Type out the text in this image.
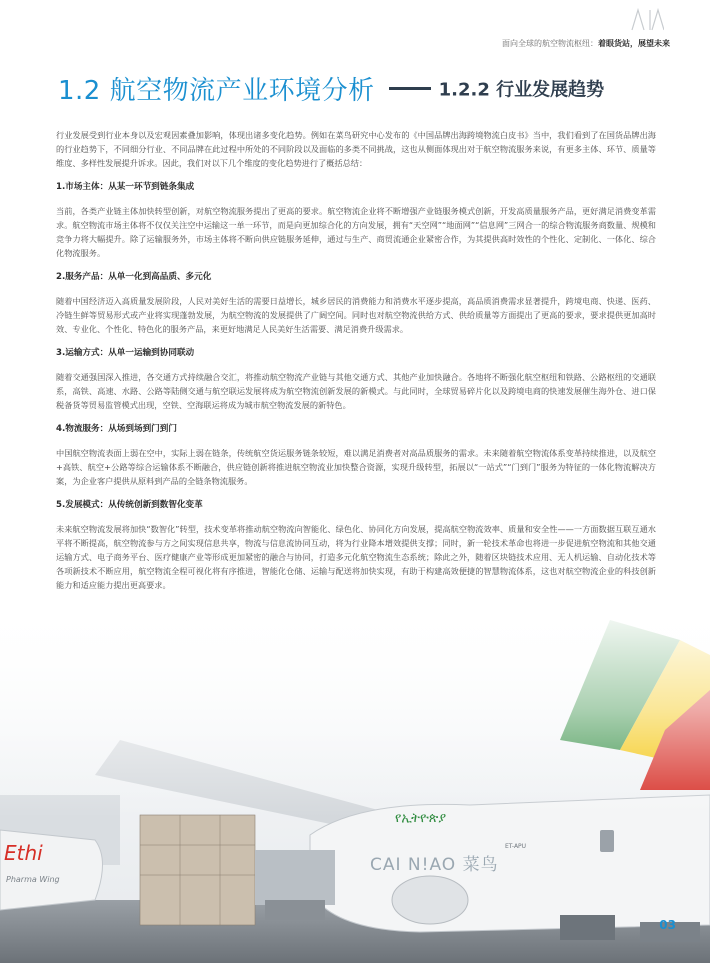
面向全球的航空物流枢纽：着眼货站，展望未来
1.2 航空物流产业环境分析	1.2.2 行业发展趋势

行业发展受到行业本身以及宏观因素叠加影响，体现出诸多变化趋势。例如在菜鸟研究中心发布的《中国品牌出海跨境物流白皮书》当中，我们看到了在国货品牌出海的行业趋势下，不同细分行业、不同品牌在此过程中所处的不同阶段以及面临的多类不同挑战，这也从侧面体现出对于航空物流服务来说，有更多主体、环节、质量等维度、多样性发展提升诉求。因此，我们对以下几个维度的变化趋势进行了概括总结：

1.市场主体：从某一环节到链条集成

当前，各类产业链主体加快转型创新，对航空物流服务提出了更高的要求。航空物流企业将不断增强产业链服务模式创新，开发高质量服务产品，更好满足消费变革需求。航空物流市场主体将不仅仅关注空中运输这一单一环节，而是向更加综合化的方向发展，拥有“天空网”“地面网”“信息网”三网合一的综合物流服务商数量、规模和竞争力将大幅提升。除了运输服务外，市场主体将不断向供应链服务延伸，通过与生产、商贸流通企业紧密合作，为其提供高时效性的个性化、定制化、一体化、综合化物流服务。

2.服务产品：从单一化到高品质、多元化

随着中国经济迈入高质量发展阶段，人民对美好生活的需要日益增长，城乡居民的消费能力和消费水平逐步提高，高品质消费需求显著提升，跨境电商、快递、医药、冷链生鲜等贸易形式或产业将实现蓬勃发展，为航空物流的发展提供了广阔空间。同时也对航空物流供给方式、供给质量等方面提出了更高的要求，要求提供更加高时效、专业化、个性化、特色化的服务产品，来更好地满足人民美好生活需要、满足消费升级需求。

3.运输方式：从单一运输到协同联动

随着交通强国深入推进，各交通方式持续融合交汇，将推动航空物流产业链与其他交通方式、其他产业加快融合。各地将不断强化航空枢纽和铁路、公路枢纽的交通联系，高铁、高速、水路、公路等陆侧交通与航空联运发展将成为航空物流创新发展的新模式。与此同时，全球贸易碎片化以及跨境电商的快速发展催生海外仓、进口保税备货等贸易监管模式出现，空铁、空海联运将成为城市航空物流发展的新特色。

4.物流服务：从场到场到门到门

中国航空物流表面上弱在空中，实际上弱在链条，传统航空货运服务链条较短，难以满足消费者对高品质服务的需求。未来随着航空物流体系变革持续推进，以及航空+高铁、航空+公路等综合运输体系不断融合，供应链创新将推进航空物流业加快整合资源，实现升级转型，拓展以“一站式”“门到门”服务为特征的一体化物流解决方案，为企业客户提供从原料到产品的全链条物流服务。

5.发展模式：从传统创新到数智化变革

未来航空物流发展将加快“数智化”转型，技术变革将推动航空物流向智能化、绿色化、协同化方向发展，提高航空物流效率、质量和安全性——一方面数据互联互通水平将不断提高，航空物流参与方之间实现信息共享，物流与信息流协同互动，将为行业降本增效提供支撑；同时，新一轮技术革命也将进一步促进航空物流和其他交通运输方式、电子商务平台、医疗健康产业等形成更加紧密的融合与协同，打造多元化航空物流生态系统；除此之外，随着区块链技术应用、无人机运输、自动化技术等各项新技术不断应用，航空物流全程可视化将有序推进，智能化仓储、运输与配送将加快实现，有助于构建高效便捷的智慧物流体系，这也对航空物流企业的科技创新能力和适应能力提出更高要求。

03
